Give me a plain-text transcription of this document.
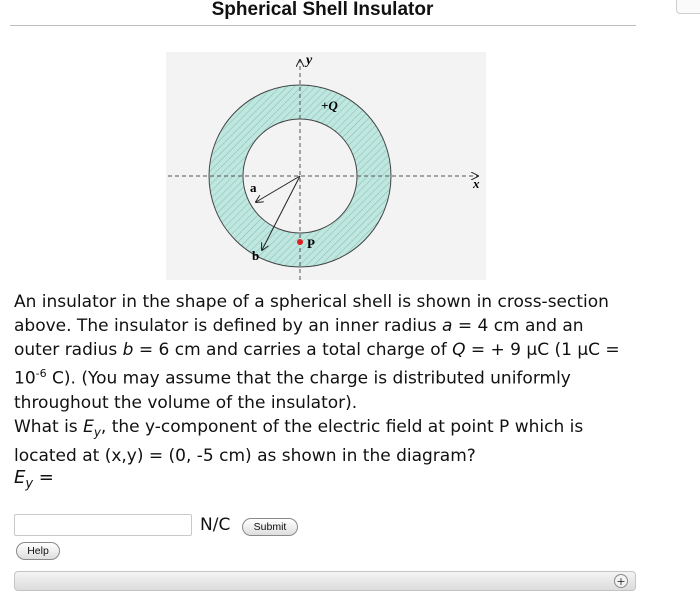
Spherical Shell Insulator
y
x
+Q
a
b
P
An insulator in the shape of a spherical shell is shown in cross-section
above. The insulator is defined by an inner radius a = 4 cm and an
outer radius b = 6 cm and carries a total charge of Q = + 9 μC (1 μC =
$10^{-6}$ C). (You may assume that the charge is distributed uniformly
throughout the volume of the insulator).
What is $E_y$, the y-component of the electric field at point P which is
located at (x,y) = (0, -5 cm) as shown in the diagram?
$E_y$ =
N/C	Submit
Help
+
